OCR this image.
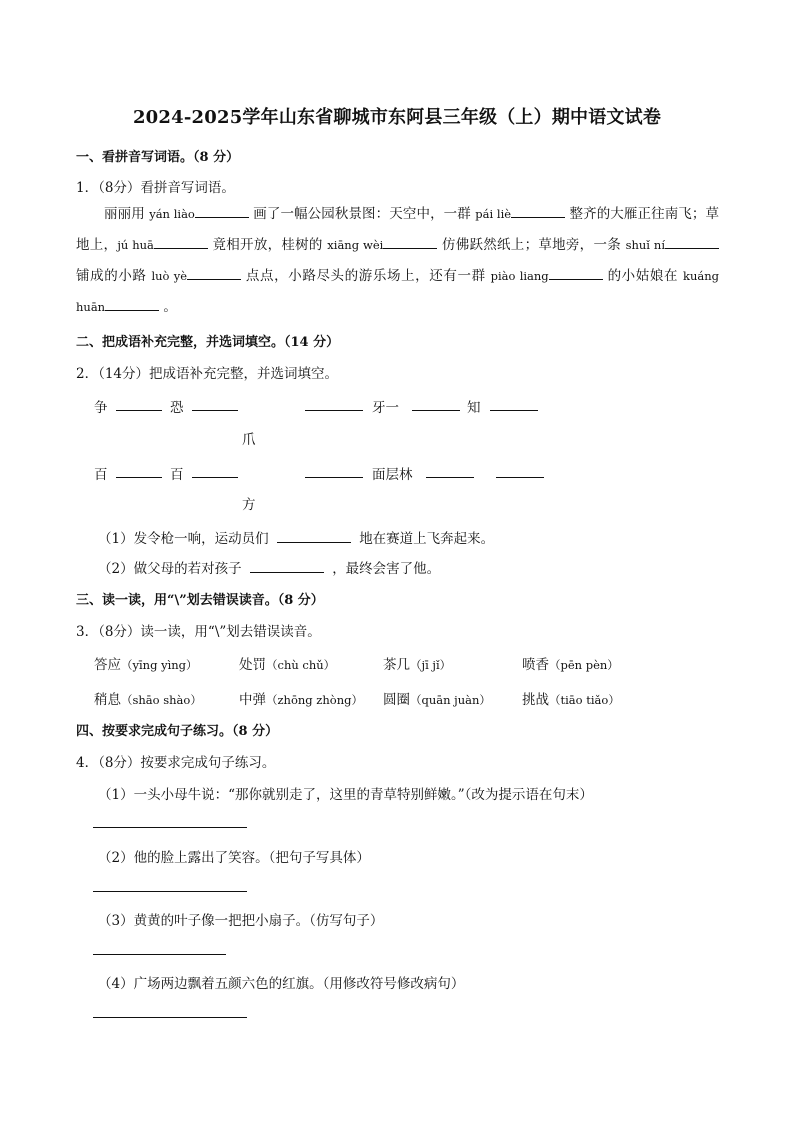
2024-2025学年山东省聊城市东阿县三年级（上）期中语文试卷
一、看拼音写词语。（8 分）
1．（8分）看拼音写词语。
丽丽用 yán liào	画了一幅公园秋景图：天空中，一群 pái liè	整齐的大雁正往南飞；草地上，jú huā	竟相开放，桂树的 xiāng wèi	仿佛跃然纸上；草地旁，一条 shuǐ ní 铺成的小路 luò yè	点点，小路尽头的游乐场上，还有一群 piào liang	的小姑娘在 kuáng huān	。
二、把成语补充完整，并选词填空。（14 分）
2．（14分）把成语补充完整，并选词填空。
争	恐	牙一	知
爪
百	百	面层林
方
（1）发令枪一响，运动员们	地在赛道上飞奔起来。
（2）做父母的若对孩子	，最终会害了他。
三、读一读，用“\”划去错误读音。（8 分）
3．（8分）读一读，用“\”划去错误读音。
答应（yīng yìng）	处罚（chù chǔ）	茶几（jī jǐ）	喷香（pēn pèn）
稍息（shāo shào）	中弹（zhōng zhòng） 圆圈（quān juàn） 挑战（tiāo tiǎo）
四、按要求完成句子练习。（8 分）
4．（8分）按要求完成句子练习。
（1）一头小母牛说：“那你就别走了，这里的青草特别鲜嫩。”（改为提示语在句末）
（2）他的脸上露出了笑容。（把句子写具体）
（3）黄黄的叶子像一把把小扇子。（仿写句子）
（4）广场两边飘着五颜六色的红旗。（用修改符号修改病句）
